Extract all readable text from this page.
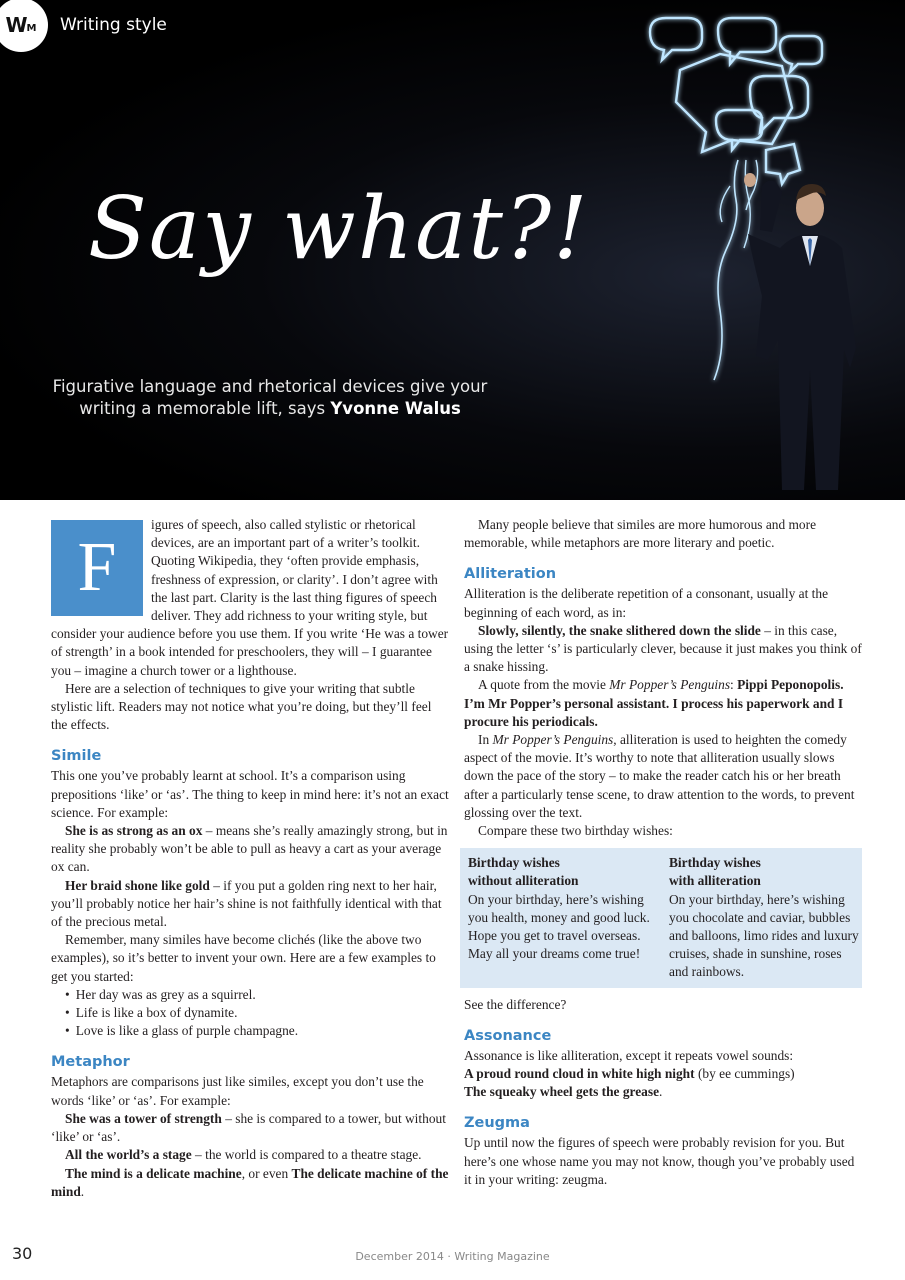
W M Writing style
Say what?!
Figurative language and rhetorical devices give your writing a memorable lift, says Yvonne Walus
F

igures of speech, also called stylistic or rhetorical devices, are an important part of a writer’s toolkit. Quoting Wikipedia, they ‘often provide emphasis, freshness of expression, or clarity’. I don’t agree with the last part. Clarity is the last thing figures of speech deliver. They add richness to your writing style, but consider your audience before you use them. If you write ‘He was a tower of strength’ in a book intended for preschoolers, they will – I guarantee you – imagine a church tower or a lighthouse.

Here are a selection of techniques to give your writing that subtle stylistic lift. Readers may not notice what you’re doing, but they’ll feel the effects.

Simile

This one you’ve probably learnt at school. It’s a comparison using prepositions ‘like’ or ‘as’. The thing to keep in mind here: it’s not an exact science. For example:

She is as strong as an ox – means she’s really amazingly strong, but in reality she probably won’t be able to pull as heavy a cart as your average ox can.

Her braid shone like gold – if you put a golden ring next to her hair, you’ll probably notice her hair’s shine is not faithfully identical with that of the precious metal.

Remember, many similes have become clichés (like the above two examples), so it’s better to invent your own. Here are a few examples to get you started:

• Her day was as grey as a squirrel.
• Life is like a box of dynamite.
• Love is like a glass of purple champagne.
Metaphor

Metaphors are comparisons just like similes, except you don’t use the words ‘like’ or ‘as’. For example:

She was a tower of strength – she is compared to a tower, but without ‘like’ or ‘as’.

All the world’s a stage – the world is compared to a theatre stage.

The mind is a delicate machine, or even The delicate machine of the mind.

Many people believe that similes are more humorous and more memorable, while metaphors are more literary and poetic.

Alliteration

Alliteration is the deliberate repetition of a consonant, usually at the beginning of each word, as in:

Slowly, silently, the snake slithered down the slide – in this case, using the letter ‘s’ is particularly clever, because it just makes you think of a snake hissing.

A quote from the movie Mr Popper’s Penguins: Pippi Peponopolis. I’m Mr Popper’s personal assistant. I process his paperwork and I procure his periodicals.

In Mr Popper’s Penguins, alliteration is used to heighten the comedy aspect of the movie. It’s worthy to note that alliteration usually slows down the pace of the story – to make the reader catch his or her breath after a particularly tense scene, to draw attention to the words, to prevent glossing over the text.

Compare these two birthday wishes:

Birthday wishes
without alliteration
On your birthday, here’s wishing you health, money and good luck. Hope you get to travel overseas. May all your dreams come true!
Birthday wishes
with alliteration
On your birthday, here’s wishing you chocolate and caviar, bubbles and balloons, limo rides and luxury cruises, shade in sunshine, roses and rainbows.

See the difference?

Assonance

Assonance is like alliteration, except it repeats vowel sounds:

A proud round cloud in white high night (by ee cummings)

The squeaky wheel gets the grease.

Zeugma

Up until now the figures of speech were probably revision for you. But here’s one whose name you may not know, though you’ve probably used it in your writing: zeugma.

30	December 2014 · Writing Magazine
